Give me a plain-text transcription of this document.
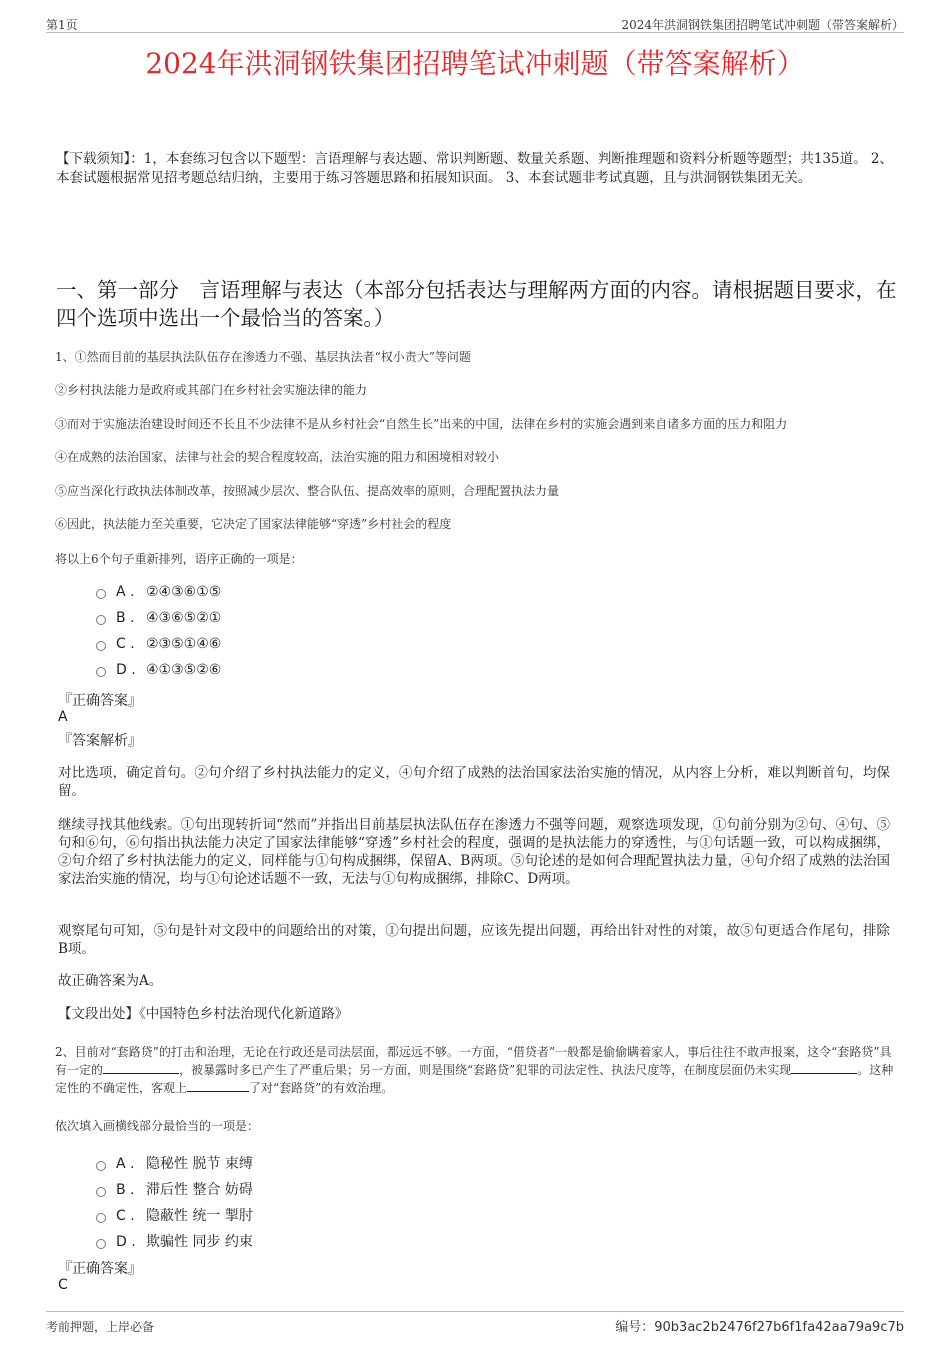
第1页	2024年洪洞钢铁集团招聘笔试冲刺题（带答案解析）
2024年洪洞钢铁集团招聘笔试冲刺题（带答案解析）
【下载须知】：1，本套练习包含以下题型：言语理解与表达题、常识判断题、数量关系题、判断推理题和资料分析题等题型；共135道。 2、本套试题根据常见招考题总结归纳，主要用于练习答题思路和拓展知识面。 3、本套试题非考试真题，且与洪洞钢铁集团无关。
一、第一部分　言语理解与表达（本部分包括表达与理解两方面的内容。请根据题目要求，在四个选项中选出一个最恰当的答案。）
1、①然而目前的基层执法队伍存在渗透力不强、基层执法者“权小责大”等问题
②乡村执法能力是政府或其部门在乡村社会实施法律的能力
③而对于实施法治建设时间还不长且不少法律不是从乡村社会“自然生长”出来的中国，法律在乡村的实施会遇到来自诸多方面的压力和阻力
④在成熟的法治国家，法律与社会的契合程度较高，法治实施的阻力和困境相对较小
⑤应当深化行政执法体制改革，按照减少层次、整合队伍、提高效率的原则，合理配置执法力量
⑥因此，执法能力至关重要，它决定了国家法律能够“穿透”乡村社会的程度
将以上6个句子重新排列，语序正确的一项是：
A . ②④③⑥①⑤
B . ④③⑥⑤②①
C . ②③⑤①④⑥
D . ④①③⑤②⑥
『正确答案』
A
『答案解析』
对比选项，确定首句。②句介绍了乡村执法能力的定义，④句介绍了成熟的法治国家法治实施的情况，从内容上分析，难以判断首句，均保留。
继续寻找其他线索。①句出现转折词“然而”并指出目前基层执法队伍存在渗透力不强等问题，观察选项发现，①句前分别为②句、④句、⑤句和⑥句，⑥句指出执法能力决定了国家法律能够“穿透”乡村社会的程度，强调的是执法能力的穿透性，与①句话题一致，可以构成捆绑，②句介绍了乡村执法能力的定义，同样能与①句构成捆绑，保留A、B两项。⑤句论述的是如何合理配置执法力量，④句介绍了成熟的法治国家法治实施的情况，均与①句论述话题不一致，无法与①句构成捆绑，排除C、D两项。
观察尾句可知，⑤句是针对文段中的问题给出的对策，①句提出问题，应该先提出问题，再给出针对性的对策，故⑤句更适合作尾句，排除B项。
故正确答案为A。
【文段出处】《中国特色乡村法治现代化新道路》
2、目前对“套路贷”的打击和治理，无论在行政还是司法层面，都远远不够。一方面，“借贷者”一般都是偷偷瞒着家人，事后往往不敢声报案，这令“套路贷”具有一定的	，被暴露时多已产生了严重后果；另一方面，则是围绕“套路贷”犯罪的司法定性、执法尺度等，在制度层面仍未实现	。这种定性的不确定性，客观上	了对“套路贷”的有效治理。
依次填入画横线部分最恰当的一项是：
A . 隐秘性 脱节 束缚
B . 滞后性 整合 妨碍
C . 隐蔽性 统一 掣肘
D . 欺骗性 同步 约束
『正确答案』
C
考前押题，上岸必备	编号：90b3ac2b2476f27b6f1fa42aa79a9c7b
